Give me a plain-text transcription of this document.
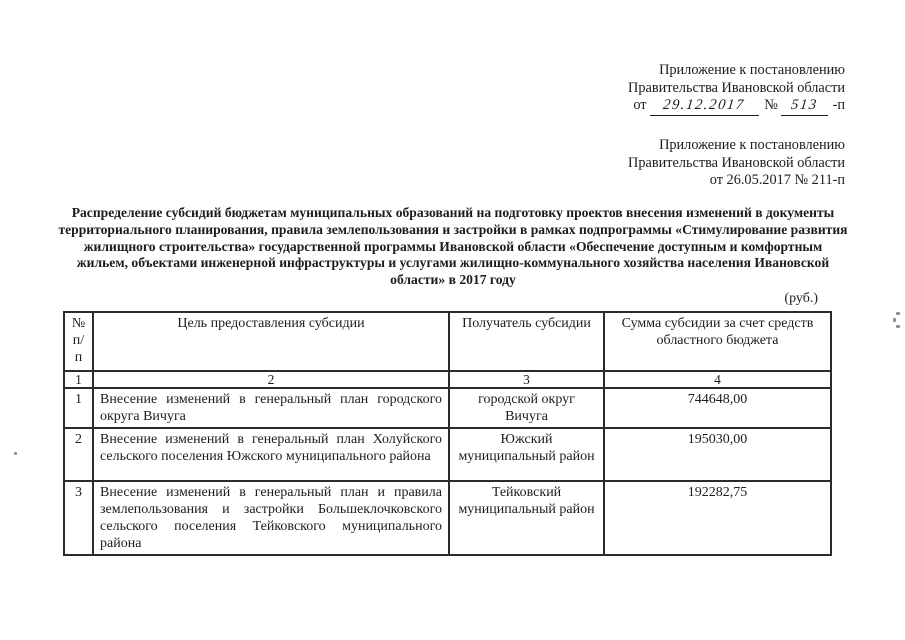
Приложение к постановлению
Правительства Ивановской области
от 29.12.2017 № 513 -п
Приложение к постановлению
Правительства Ивановской области
от 26.05.2017 № 211-п
Распределение субсидий бюджетам муниципальных образований на подготовку проектов внесения изменений в документы территориального планирования, правила землепользования и застройки в рамках подпрограммы «Стимулирование развития жилищного строительства» государственной программы Ивановской области «Обеспечение доступным и комфортным жильем, объектами инженерной инфраструктуры и услугами жилищно-коммунального хозяйства населения Ивановской области» в 2017 году
(руб.)
№ п/п	Цель предоставления субсидии	Получатель субсидии	Сумма субсидии за счет средств областного бюджета
1	2	3	4
1	Внесение изменений в генеральный план городского округа Вичуга	городской округ Вичуга	744648,00
2	Внесение изменений в генеральный план Холуйского сельского поселения Южского муниципального района	Южский муниципальный район	195030,00
3	Внесение изменений в генеральный план и правила землепользования и застройки Большеклочковского сельского поселения Тейковского муниципального района	Тейковский муниципальный район	192282,75
